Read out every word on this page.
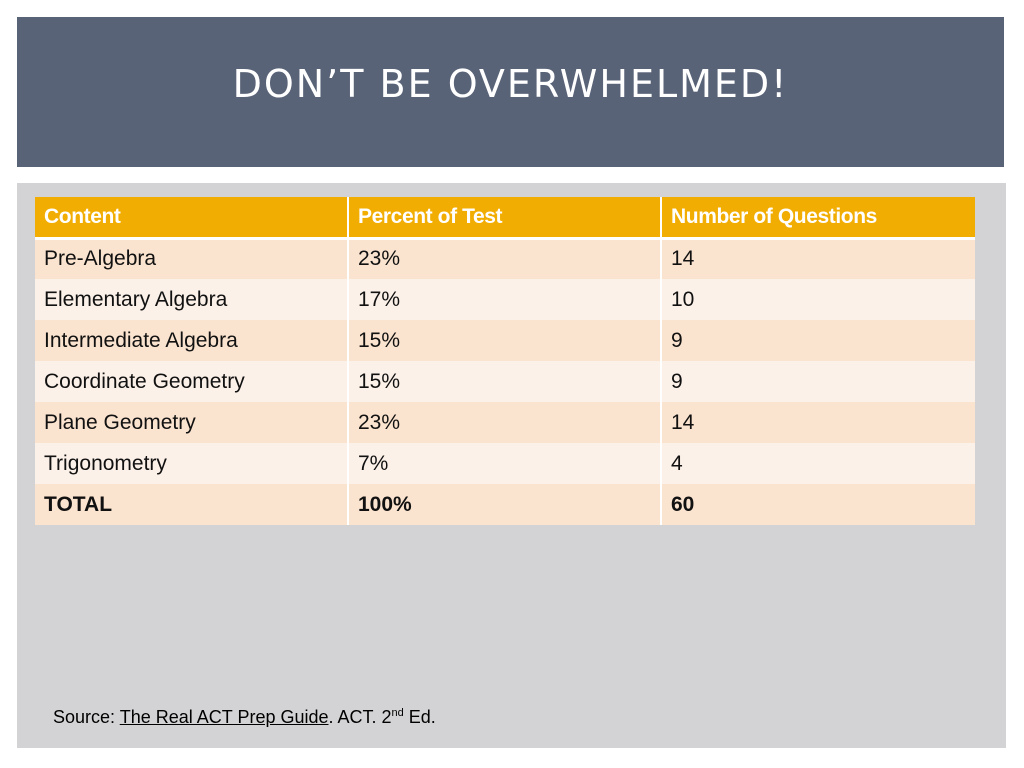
DON’T BE OVERWHELMED!
Content	Percent of Test	Number of Questions
Pre-Algebra	23%	14
Elementary Algebra	17%	10
Intermediate Algebra	15%	9
Coordinate Geometry	15%	9
Plane Geometry	23%	14
Trigonometry	7%	4
TOTAL	100%	60
Source: The Real ACT Prep Guide. ACT. 2nd Ed.
